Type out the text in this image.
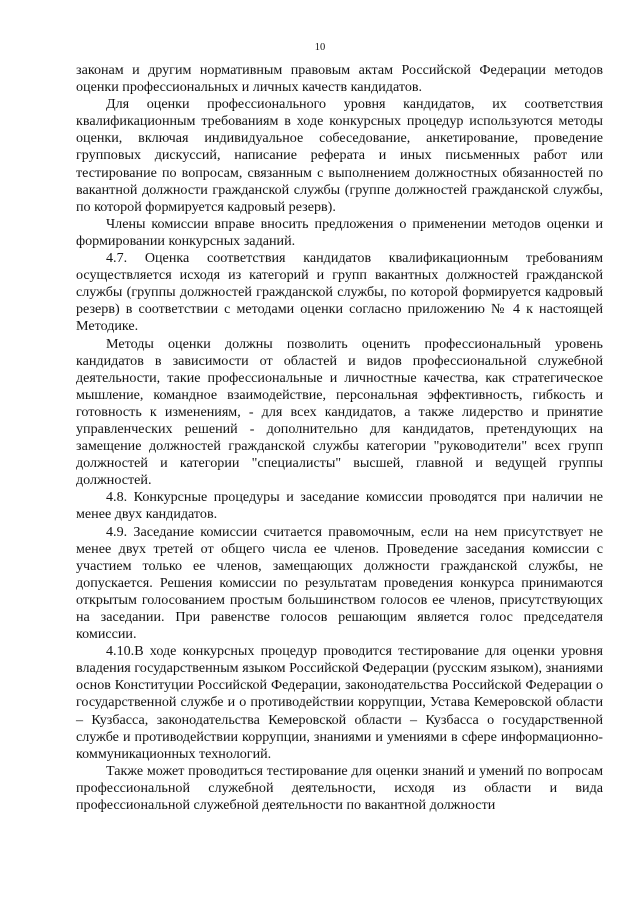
10

законам и другим нормативным правовым актам Российской Федерации методов оценки профессиональных и личных качеств кандидатов.

Для оценки профессионального уровня кандидатов, их соответствия квалификационным требованиям в ходе конкурсных процедур используются методы оценки, включая индивидуальное собеседование, анкетирование, проведение групповых дискуссий, написание реферата и иных письменных работ или тестирование по вопросам, связанным с выполнением должностных обязанностей по вакантной должности гражданской службы (группе должностей гражданской службы, по которой формируется кадровый резерв).

Члены комиссии вправе вносить предложения о применении методов оценки и формировании конкурсных заданий.

4.7. Оценка соответствия кандидатов квалификационным требованиям осуществляется исходя из категорий и групп вакантных должностей гражданской службы (группы должностей гражданской службы, по которой формируется кадровый резерв) в соответствии с методами оценки согласно приложению № 4 к настоящей Методике.

Методы оценки должны позволить оценить профессиональный уровень кандидатов в зависимости от областей и видов профессиональной служебной деятельности, такие профессиональные и личностные качества, как стратегическое мышление, командное взаимодействие, персональная эффективность, гибкость и готовность к изменениям, - для всех кандидатов, а также лидерство и принятие управленческих решений - дополнительно для кандидатов, претендующих на замещение должностей гражданской службы категории "руководители" всех групп должностей и категории "специалисты" высшей, главной и ведущей группы должностей.

4.8. Конкурсные процедуры и заседание комиссии проводятся при наличии не менее двух кандидатов.

4.9. Заседание комиссии считается правомочным, если на нем присутствует не менее двух третей от общего числа ее членов. Проведение заседания комиссии с участием только ее членов, замещающих должности гражданской службы, не допускается. Решения комиссии по результатам проведения конкурса принимаются открытым голосованием простым большинством голосов ее членов, присутствующих на заседании. При равенстве голосов решающим является голос председателя комиссии.

4.10.В ходе конкурсных процедур проводится тестирование для оценки уровня владения государственным языком Российской Федерации (русским языком), знаниями основ Конституции Российской Федерации, законодательства Российской Федерации о государственной службе и о противодействии коррупции, Устава Кемеровской области – Кузбасса, законодательства Кемеровской области – Кузбасса о государственной службе и противодействии коррупции, знаниями и умениями в сфере информационно-коммуникационных технологий.

Также может проводиться тестирование для оценки знаний и умений по вопросам профессиональной служебной деятельности, исходя из области и вида профессиональной служебной деятельности по вакантной должности
